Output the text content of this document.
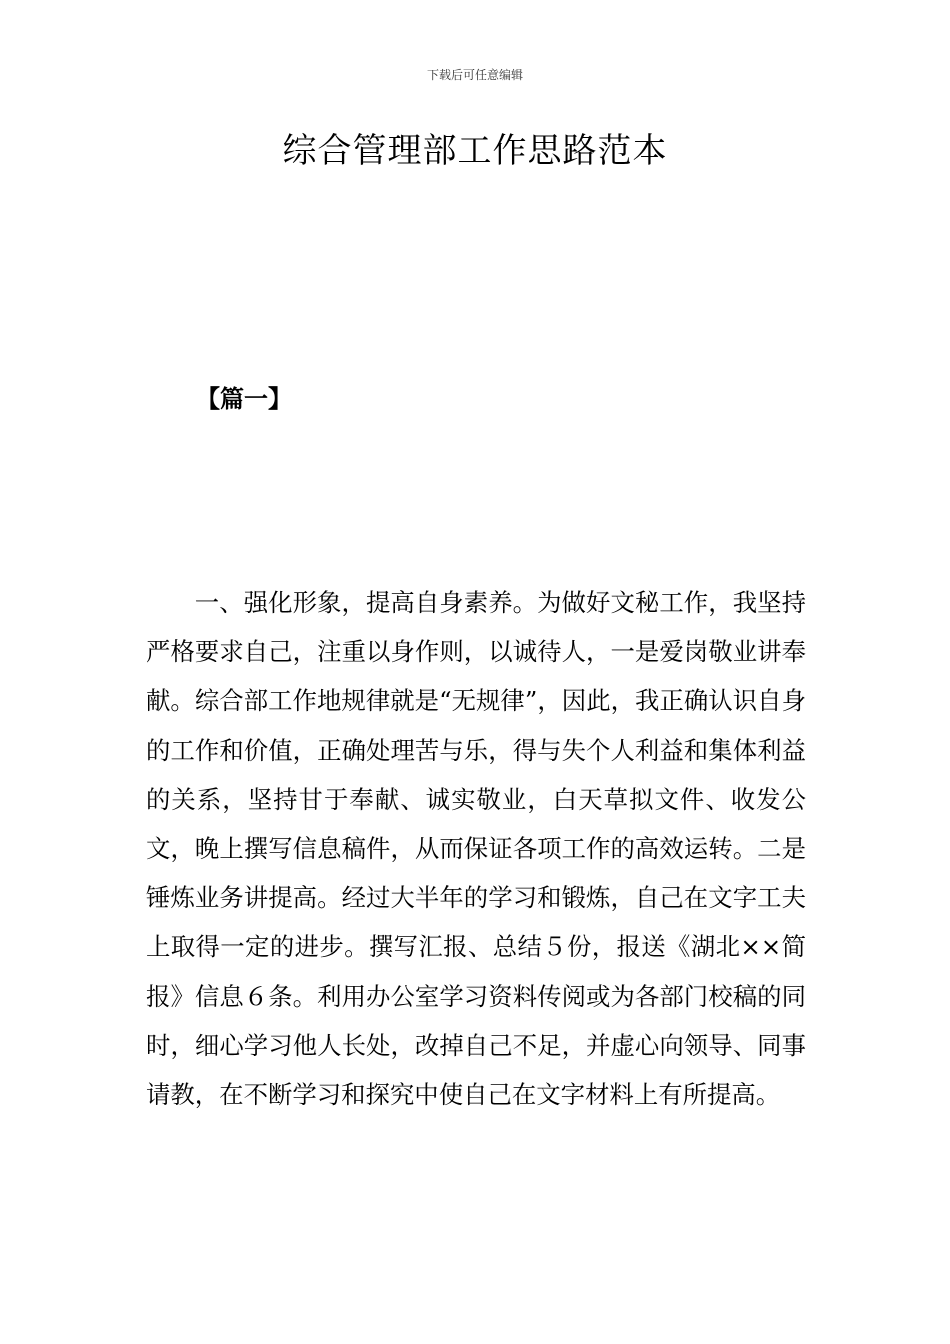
下载后可任意编辑

综合管理部工作思路范本
【篇一】

一、强化形象，提高自身素养。为做好文秘工作，我坚持严格要求自己，注重以身作则，以诚待人，一是爱岗敬业讲奉献。综合部工作地规律就是“无规律”，因此，我正确认识自身的工作和价值，正确处理苦与乐，得与失个人利益和集体利益的关系，坚持甘于奉献、诚实敬业，白天草拟文件、收发公文，晚上撰写信息稿件，从而保证各项工作的高效运转。二是锤炼业务讲提高。经过大半年的学习和锻炼，自己在文字工夫上取得一定的进步。撰写汇报、总结５份，报送《湖北××简报》信息６条。利用办公室学习资料传阅或为各部门校稿的同时，细心学习他人长处，改掉自己不足，并虚心向领导、同事请教，在不断学习和探究中使自己在文字材料上有所提高。
